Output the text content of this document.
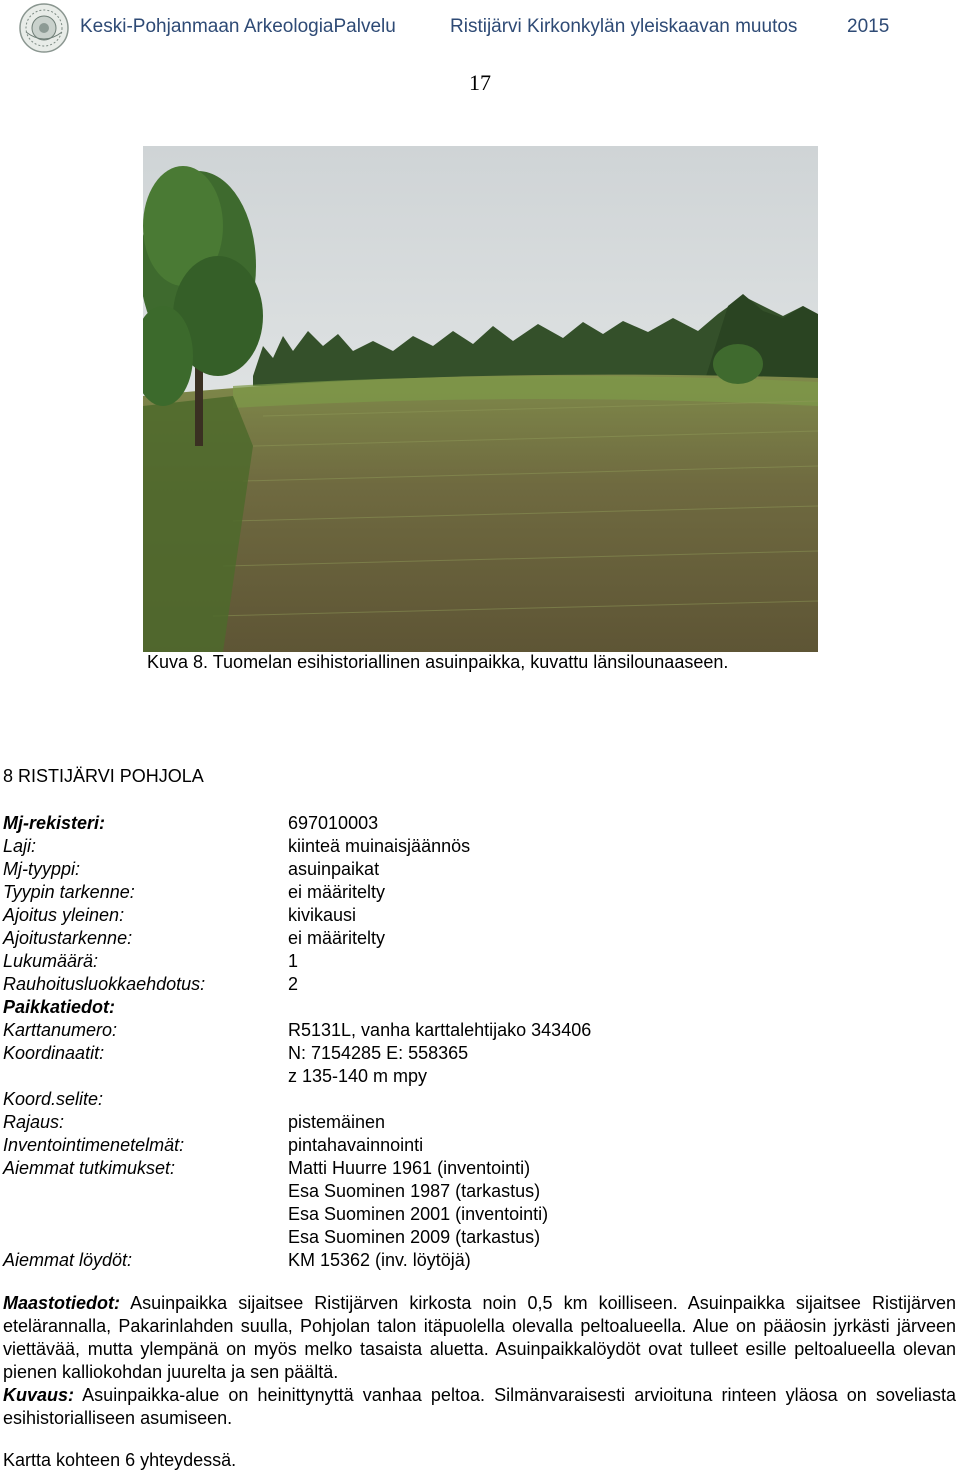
Keski-Pohjanmaan ArkeologiaPalvelu	Ristijärvi Kirkonkylän yleiskaavan muutos	2015
17
Kuva 8. Tuomelan esihistoriallinen asuinpaikka, kuvattu länsilounaaseen.
8 RISTIJÄRVI POHJOLA
Mj-rekisteri:	697010003
Laji:	kiinteä muinaisjäännös
Mj-tyyppi:	asuinpaikat
Tyypin tarkenne:	ei määritelty
Ajoitus yleinen:	kivikausi
Ajoitustarkenne:	ei määritelty
Lukumäärä:	1
Rauhoitusluokkaehdotus:	2
Paikkatiedot:
Karttanumero:	R5131L, vanha karttalehtijako 343406
Koordinaatit:	N: 7154285 E: 558365
z 135-140 m mpy
Koord.selite:
Rajaus:	pistemäinen
Inventointimenetelmät:	pintahavainnointi
Aiemmat tutkimukset:	Matti Huurre 1961 (inventointi)
Esa Suominen 1987 (tarkastus)
Esa Suominen 2001 (inventointi)
Esa Suominen 2009 (tarkastus)
Aiemmat löydöt:	KM 15362 (inv. löytöjä)

Maastotiedot: Asuinpaikka sijaitsee Ristijärven kirkosta noin 0,5 km koilliseen. Asuinpaikka sijaitsee Ristijärven etelärannalla, Pakarinlahden suulla, Pohjolan talon itäpuolella olevalla peltoalueella. Alue on pääosin jyrkästi järveen viettävää, mutta ylempänä on myös melko tasaista aluetta. Asuinpaikkalöydöt ovat tulleet esille peltoalueella olevan pienen kalliokohdan juurelta ja sen päältä.

Kuvaus: Asuinpaikka-alue on heinittynyttä vanhaa peltoa. Silmänvaraisesti arvioituna rinteen yläosa on soveliasta esihistorialliseen asumiseen.

Kartta kohteen 6 yhteydessä.
